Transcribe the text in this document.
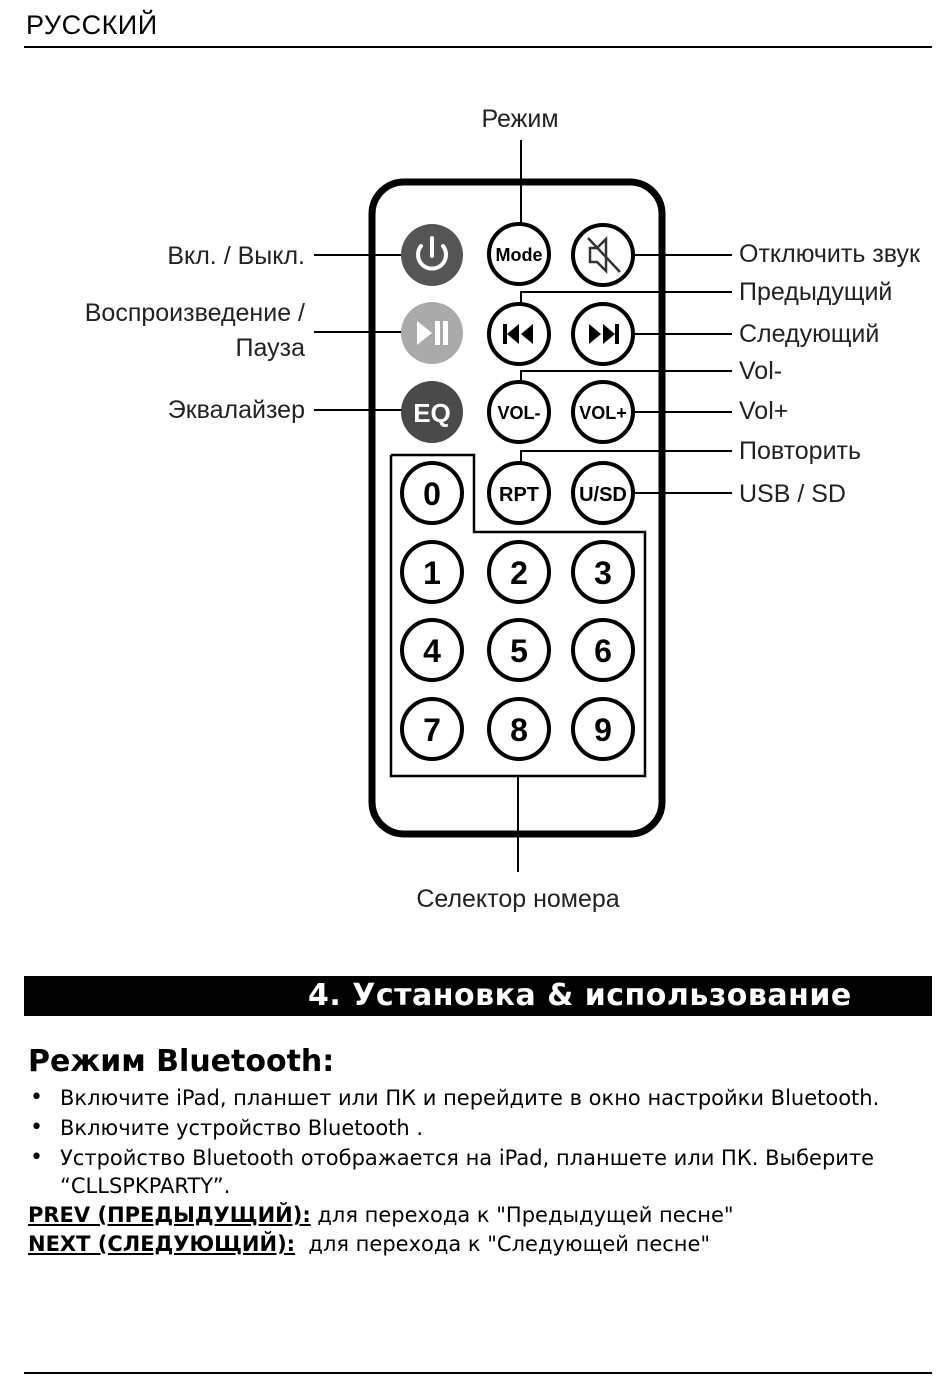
РУССКИЙ
Режим
Селектор номера
Вкл. / Выкл.
Воспроизведение /
Пауза
Эквалайзер
Отключить звук
Предыдущий
Следующий
Vol-
Vol+
Повторить
USB / SD
Mode
EQ	VOL- VOL+
0	RPT U/SD
1 2 3
4 5 6
7 8 9
4. Установка & использование
Режим Bluetooth:
• Включите iPad, планшет или ПК и перейдите в окно настройки Bluetooth.
• Включите устройство Bluetooth .
• Устройство Bluetooth отображается на iPad, планшете или ПК. Выберите “CLLSPKPARTY”.
PREV (ПРЕДЫДУЩИЙ): для перехода к "Предыдущей песне"
NEXT (СЛЕДУЮЩИЙ):  для перехода к "Следующей песне"
